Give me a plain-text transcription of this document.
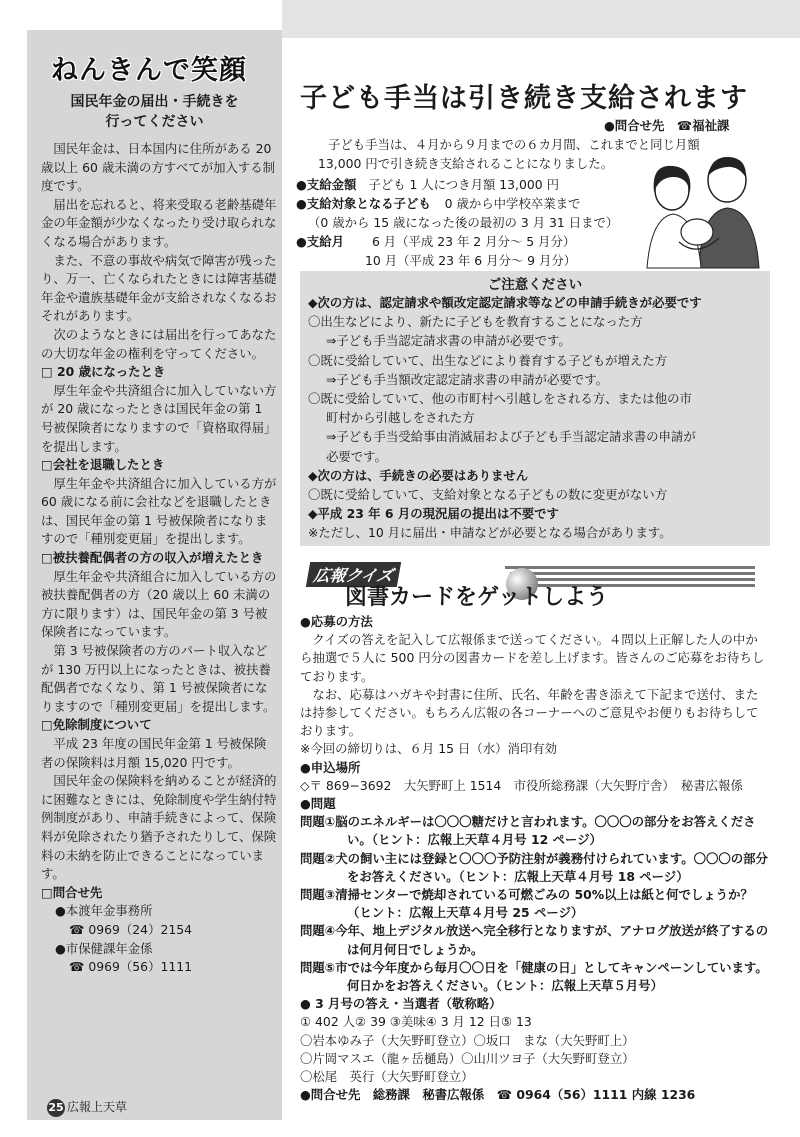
ねんきんで笑顔
国民年金の届出・手続きを
行ってください

国民年金は、日本国内に住所がある 20 歳以上 60 歳未満の方すべてが加入する制度です。

届出を忘れると、将来受取る老齢基礎年金の年金額が少なくなったり受け取られなくなる場合があります。

また、不意の事故や病気で障害が残ったり、万一、亡くなられたときには障害基礎年金や遺族基礎年金が支給されなくなるおそれがあります。

次のようなときには届出を行ってあなたの大切な年金の権利を守ってください。

□ 20 歳になったとき

厚生年金や共済組合に加入していない方が 20 歳になったときは国民年金の第 1 号被保険者になりますので「資格取得届」を提出します。

□会社を退職したとき

厚生年金や共済組合に加入している方が 60 歳になる前に会社などを退職したときは、国民年金の第 1 号被保険者になりますので「種別変更届」を提出します。

□被扶養配偶者の方の収入が増えたとき

厚生年金や共済組合に加入している方の被扶養配偶者の方（20 歳以上 60 未満の方に限ります）は、国民年金の第 3 号被保険者になっています。

第 3 号被保険者の方のパート収入などが 130 万円以上になったときは、被扶養配偶者でなくなり、第 1 号被保険者になりますので「種別変更届」を提出します。

□免除制度について

平成 23 年度の国民年金第 1 号被保険者の保険料は月額 15,020 円です。

国民年金の保険料を納めることが経済的に困難なときには、免除制度や学生納付特例制度があり、申請手続きによって、保険料が免除されたり猶予されたりして、保険料の未納を防止できることになっています。

□問合せ先

●本渡年金事務所

☎ 0969（24）2154

●市保健課年金係

☎ 0969（56）1111

25 広報上天草
子ども手当は引き続き支給されます
●問合せ先　☎福祉課
子ども手当は、４月から９月までの６カ月間、これまでと同じ月額
13,000 円で引き続き支給されることになりました。
●支給金額 子ども 1 人につき月額 13,000 円
●支給対象となる子ども 0 歳から中学校卒業まで
（0 歳から 15 歳になった後の最初の 3 月 31 日まで）
●支給月 6 月（平成 23 年 2 月分～ 5 月分）
10 月（平成 23 年 6 月分～ 9 月分）
ご注意ください
◆次の方は、認定請求や額改定認定請求等などの申請手続きが必要です
〇出生などにより、新たに子どもを教育することになった方
⇒子ども手当認定請求書の申請が必要です。
〇既に受給していて、出生などにより養育する子どもが増えた方
⇒子ども手当額改定認定請求書の申請が必要です。
〇既に受給していて、他の市町村へ引越しをされる方、または他の市
町村から引越しをされた方
⇒子ども手当受給事由消滅届および子ども手当認定請求書の申請が
必要です。
◆次の方は、手続きの必要はありません
〇既に受給していて、支給対象となる子どもの数に変更がない方
◆平成 23 年 6 月の現況届の提出は不要です
※ただし、10 月に届出・申請などが必要となる場合があります。
広報クイズ
図書カードをゲットしよう
●応募の方法
　クイズの答えを記入して広報係まで送ってください。４問以上正解した人の中から抽選で５人に 500 円分の図書カードを差し上げます。皆さんのご応募をお待ちしております。
　なお、応募はハガキや封書に住所、氏名、年齢を書き添えて下記まで送付、または持参してください。もちろん広報の各コーナーへのご意見やお便りもお待ちしております。
※今回の締切りは、６月 15 日（水）消印有効
●申込場所
◇〒 869−3692　大矢野町上 1514　市役所総務課（大矢野庁舎）　秘書広報係
●問題
問題①脳のエネルギーは〇〇〇糖だけと言われます。〇〇〇の部分をお答えください。（ヒント：広報上天草４月号 12 ページ）
問題②犬の飼い主には登録と〇〇〇予防注射が義務付けられています。〇〇〇の部分をお答えください。（ヒント：広報上天草４月号 18 ページ）
問題③清掃センターで焼却されている可燃ごみの 50%以上は紙と何でしょうか？（ヒント：広報上天草４月号 25 ページ）
問題④今年、地上デジタル放送へ完全移行となりますが、アナログ放送が終了するのは何月何日でしょうか。
問題⑤市では今年度から毎月〇〇日を「健康の日」としてキャンペーンしています。何日かをお答えください。（ヒント：広報上天草５月号）
● 3 月号の答え・当選者（敬称略）
① 402 人② 39 ③美味④ 3 月 12 日⑤ 13
〇岩本ゆみ子（大矢野町登立）〇坂口　まな（大矢野町上）
〇片岡マスエ（龍ヶ岳樋島）〇山川ツヨ子（大矢野町登立）
〇松尾　英行（大矢野町登立）
●問合せ先　総務課　秘書広報係　☎ 0964（56）1111 内線 1236
